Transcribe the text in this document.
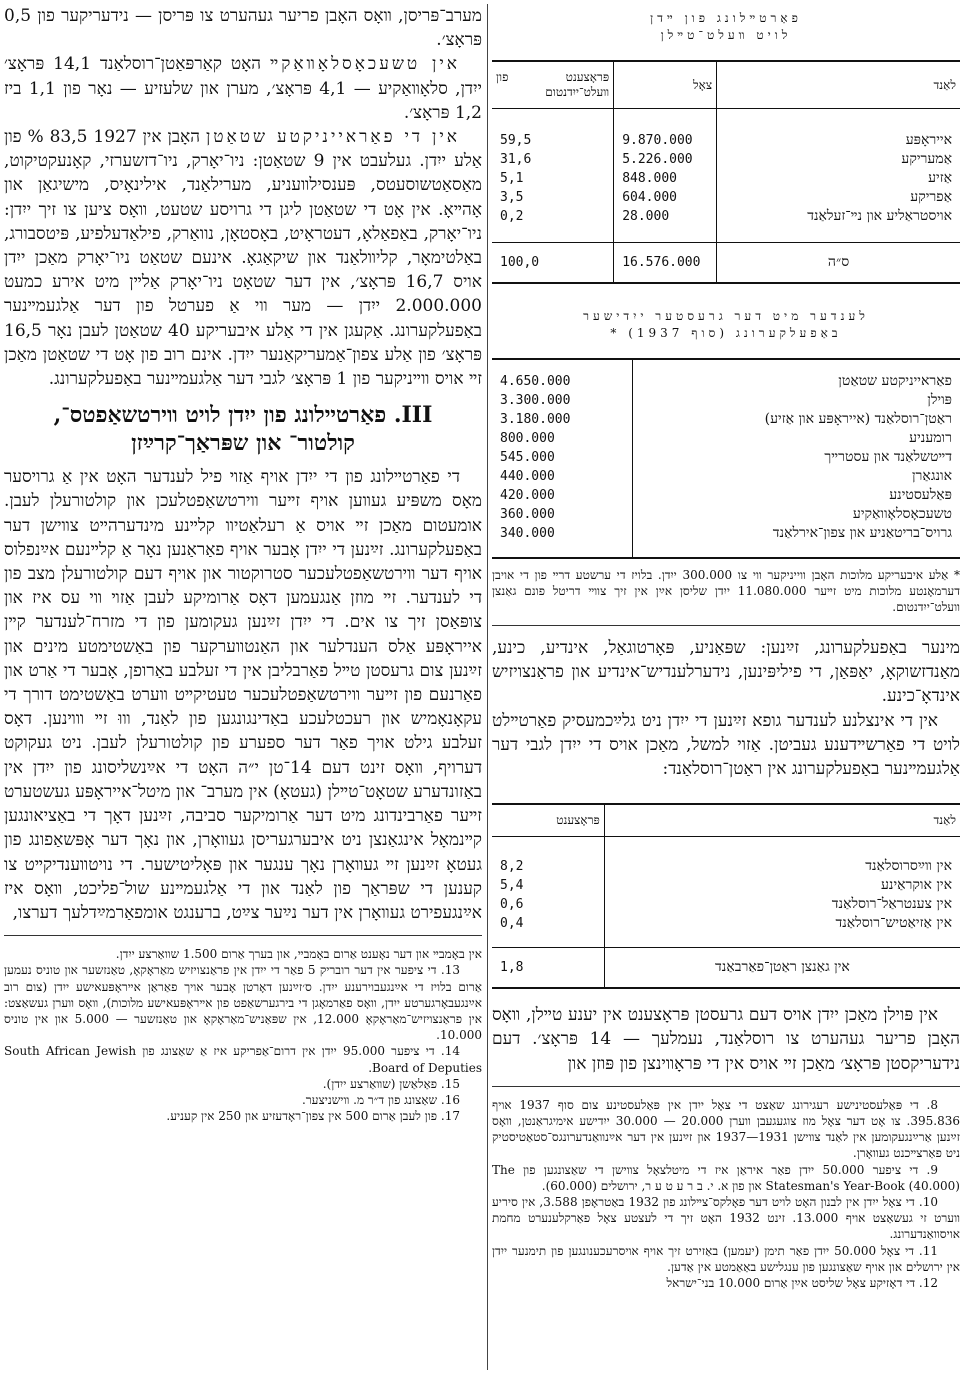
פאַרטײלונג פון ײדן

לויט װעלט־טײלן

לאַנד	צאָל	פּראָצענט פון װעלט־ייִדנטום

אייראָפּע	9.870.000	59,5
אַמעריקע	5.226.000	31,6
אַזיע	848.000	5,1
אַפריקע	604.000	3,5
אויסטראַליע און נײ־זעלאַנד	28.000	0,2

ס״ה	16.576.000	100,0

לענדער מיט דער גרעסטער ייִדישער

באַפעלקערונג (סוף 1937) *

פאַראייניקטע שטאַטן	4.650.000
פּוילן	3.300.000
ראַטן־רוסלאַנד (אייראָפּע און אַזיע)	3.180.000
רומעניע	800.000
דײטשלאַנד און עסטרײך	545.000
אונגאַרן	440.000
פּאַלעסטינע	420.000
טשעכאָסלאָוואַקיע	360.000
גרויס־בריטאַניע און צפון־אירלאַנד	340.000

* אַלע איבעריקע מלוכות האָבן װייניקער װי צו 300.000 ייִדן. בלויז די ערשטע דרײ פון די אויבן דערמאָנטע מלוכות מיט זײער 11.080.000 ייִדן שליסן אײַן אין זיך צװײ דריטל פונם גאַנצן װעלט־ייִדנטום.

מינער באַפעלקערונג, זײַנען: שפּאַניע, פּאָרטוגאַל, אינדיע, כינע, מאַנדזשוקאָ, יאַפּאַן, די פיליפּינען, נידערלענדיש־אינדיע און פראַנצויזיש אינדאָ־כינע.

אין די אינצלנע לענדער גופא זײַנען די ייִדן ניט גלײַכמעסיק פאַרטײלט לויט די פאַרשײדענע געביטן. אַזוי למשל, מאַכן אויס די ייִדן לגבי דער אַלגעמײנער באַפעלקערונג אין ראַטן־רוסלאַנד:

לאַנד	פּראָצענט

אין װײַסרוסלאַנד	8,2
אין אוקראַינע	5,4
אין צענטראַל־רוסלאַנד	0,6
אין אַזיאַטיש־רוסלאַנד	0,4

אין גאַנצן ראַטן־פאַרבאַנד	1,8

אין פּוילן מאַכן ייִדן אויס דעם גרעסטן פּראָצענט אין יענע טײלן, װאָס האָבן פריער געהערט צו רוסלאַנד, נעמלעך — 14 פּראָצ׳. דעם נידעריקסטן פּראָצ׳ מאַכן זײ אויס אין די פּראָװינצן פון פּוזן און

8. די פּאַלעסטינישע רעגירונג שאַצט די צאָל ייִדן אין פּאַלעסטינע צום סוף 1937 אויף 395.836. צו אָט דער צאָל מוז צוגעגעבן װערן 20.000 — 30.000 ייִדישע אימיגראַנטן, װאָס זײַנען אַרײַנגעקומען אין לאַנד צװישן 1931—1937 און זײַנען אין דער אײַנװאַנדערונגס־סטאַטיסטיק ניט פאַרצײכנט געװאָרן.

9. די ציפער 50.000 ייִדן פאַר איראַן איז די מיטלצאָל צװישן די שאַצונגען פון The Statesman's Year-Book (40.000) און פון א. י. ב ר ע ט ע ר, ירושלים (60.000).

10. די צאָל ייִדן אין לבנון האָט לויט דער פאָלקס־צײלונג פון 1932 באַטראָפן 3.588, אין סיריע װערט זי געשאַצט אויף 13.000. זינט 1932 האָט זיך די לעצטע צאָל פאַרקלענערט מחמת אויסװאַנדערונג.

11. די צאָל 50.000 ייִדן פאַר תימן (יעמען) באַזירט זיך אויף אויסרעכענונגען פון תימנער ייִדן אין ירושלים און אויף שאַצונגען פון ענגלישע באַאַמטע אין אַדען.

12. די דאָזיקע צאָל שליסט אײַן אַרום 10.000 בני־ישראל

מערב־פּריסן, װאָס האָבן פריער געהערט צו פּריסן — נידעריקער פון 0,5 פּראָצ׳.

אין טשעכאָסלאָװאַקײ האָט קאַרפּאַטן־רוסלאַנד 14,1 פּראָצ׳ ייִדן, סלאָװאַקיע — 4,1 פּראָצ׳, מערן און שלעזיע — נאָר פון 1,1 ביז 1,2 פּראָצ׳.

אין די פאַראייניקטע שטאַטן האָבן אין 1927 83,5 % פון אַלע ייִדן. געלעבט אין 9 שטאַטן: ניו־יאָרק, ניו־דזשערזי, קאָנעקטיקוט, מאַסאַטשוסעטס, פּענסילװעניע, מערילאַנד, אילינאָיס, מישיגאַן און אָהײאָ. אין אָט די שטאַטן ליגן די גרויסע שטעט, װאָס ציען צו זיך ייִדן: ניו־יאָרק, באַפאַלאָ, דעטראָיט, באָסטאָן, נוואַרק, פילאַדעלפיע, פּיטסבורג, באַלטימאָר, קליװלאַנד און שיקאַגאָ. אינעם שטאַט ניו־יאָרק מאַכן ייִדן אויס 16,7 פּראָצ׳, אין דער שטאָט ניו־יאָרק אַלײן מיט אירע כמעט 2.000.000 ייִדן — מער װי אַ פערטל פון דער אַלגעמײנער באַפעלקערונג. אַקעגן אין די אַלע איבעריקע 40 שטאַטן לעבן נאָר 16,5 פּראָצ׳ פון אַלע צפון־אַמעריקאַנער ייִדן. אינם רוב פון אָט די שטאַטן מאַכן זײ אויס װײניקער פון 1 פּראָצ׳ לגבי דער אַלגעמײנער באַפעלקערונג.

III. פאַרטײלונג פון ייִדן לויט װירטשאַפטס־,
קולטור־ און שפּראַך־קרײַזן

די פאַרטײלונג פון די ייִדן אויף אַזױ פיל לענדער האָט אין אַ גרויסער מאָס משפּיע געװען אויף זײער װירטשאַפטלעכן און קולטורעלן לעבן. אומעטום מאַכן זײ אויס אַ רעלאַטיװ קלײנע מינדערהײט צװישן דער באַפעלקערונג. זײַנען די ייִדן אָבער אויף פאַראַנען נאָר אַ קלײנעם אײַנפלוס אויף דער װירטשאַפטלעכער סטרוקטור און אויף דעם קולטורעלן מצב פון די לענדער. זײ מוזן אַנגעמען דאָס אַרומיקע לעבן אַזױ װי עס איז און צופּאַסן זיך צו אים. די ייִדן זײַנען געקומען פון די מזרח־לענדער קײן אייראָפּע אַלס הענדלער און האַנטװערקער פון באַשטימטע מינים און זײַנען צום גרעסטן טײל פאַרבליבן אין די זעלבע באַרופן, אָבער די אַרט און פאַרנעם פון זײער װירטשאַפטלעכער טעטיקײט װערט באַשטימט דורך די עקאָנאָמיש און רעכטלעכע באַדינגונגען פון לאַנד, װוּ זײ װױנען. דאָס זעלבע גילט אויך פאַר דער ספערע פון קולטורעלן לעבן. ניט געקוקט דערויף, װאָס זינט דעם 14־טן י״ה האָט די אײַנשליסונג פון ייִדן אין באַזונדערע שטאָט־טײלן (געטאָ) אין מערב־ און מיטל־אייראָפּע געשטערט זײער פאַרבינדונג מיט דער אַרומיקער סביבה, זײַנען דאָך די באַציאונגען קײנמאָל אינגאַנצן ניט איבערגעריסן געװאָרן, און נאָך דער אָפּשאַפונג פון געטאָ זײַנען זײ געװאָרן נאָך ענגער און פּאָליטישער. די נויטװענדיקײט צו קענען די שפּראַך פון לאַנד און די אַלגעמײנע שול־פליכט, װאָס איז אײַנגעפירט געװאָרן אין דער נײַער צײַט, ברענגט אומפאַרמײַדלעך דערצו,

אין באָמבײ און דער נאָענט אַרום באָמבײ, און בערך אַרום 1.500 שװאַרצע ייִדן.

13. די ציפער אין דער רובריק 5 פאַר די ייִדן אין פראַנצויזיש מאַראָקאָ, טאַנזשער און טוניס נעמען אַרום בלויז די אײַנגעבוירענע ייִדן. ס׳זײַנען דאָרטן אָבער אויך פאַראַן אײראָפּעאישע ייִדן (צום רוב אײַנגעבאָרגערטע ייִדן, װאָס פאַרמאָגן די בירגערשאַפט פון אײראָפּעאישע מלוכות), װאָס װערן געשאַצט: אין פראַנצויזיש־מאַראָקאָ 12.000, אין שפּאַניש־מאַראָקאָ און טאַנזשער — 5.000 און אין טוניס 10.000.

14. די ציפער 95.000 ייִדן אין דרום־אַפריקע איז אַ שאַצונג פון South African Jewish Board of Deputies.

15. פאַלאַשן (שװאַרצע ייִדן).

16. שאַצונג פון ד״ר מ. װישניצער.

17. פון לעבן אַרום 500 אין צפון־ראָדעזיע און 250 אין קעניע.
